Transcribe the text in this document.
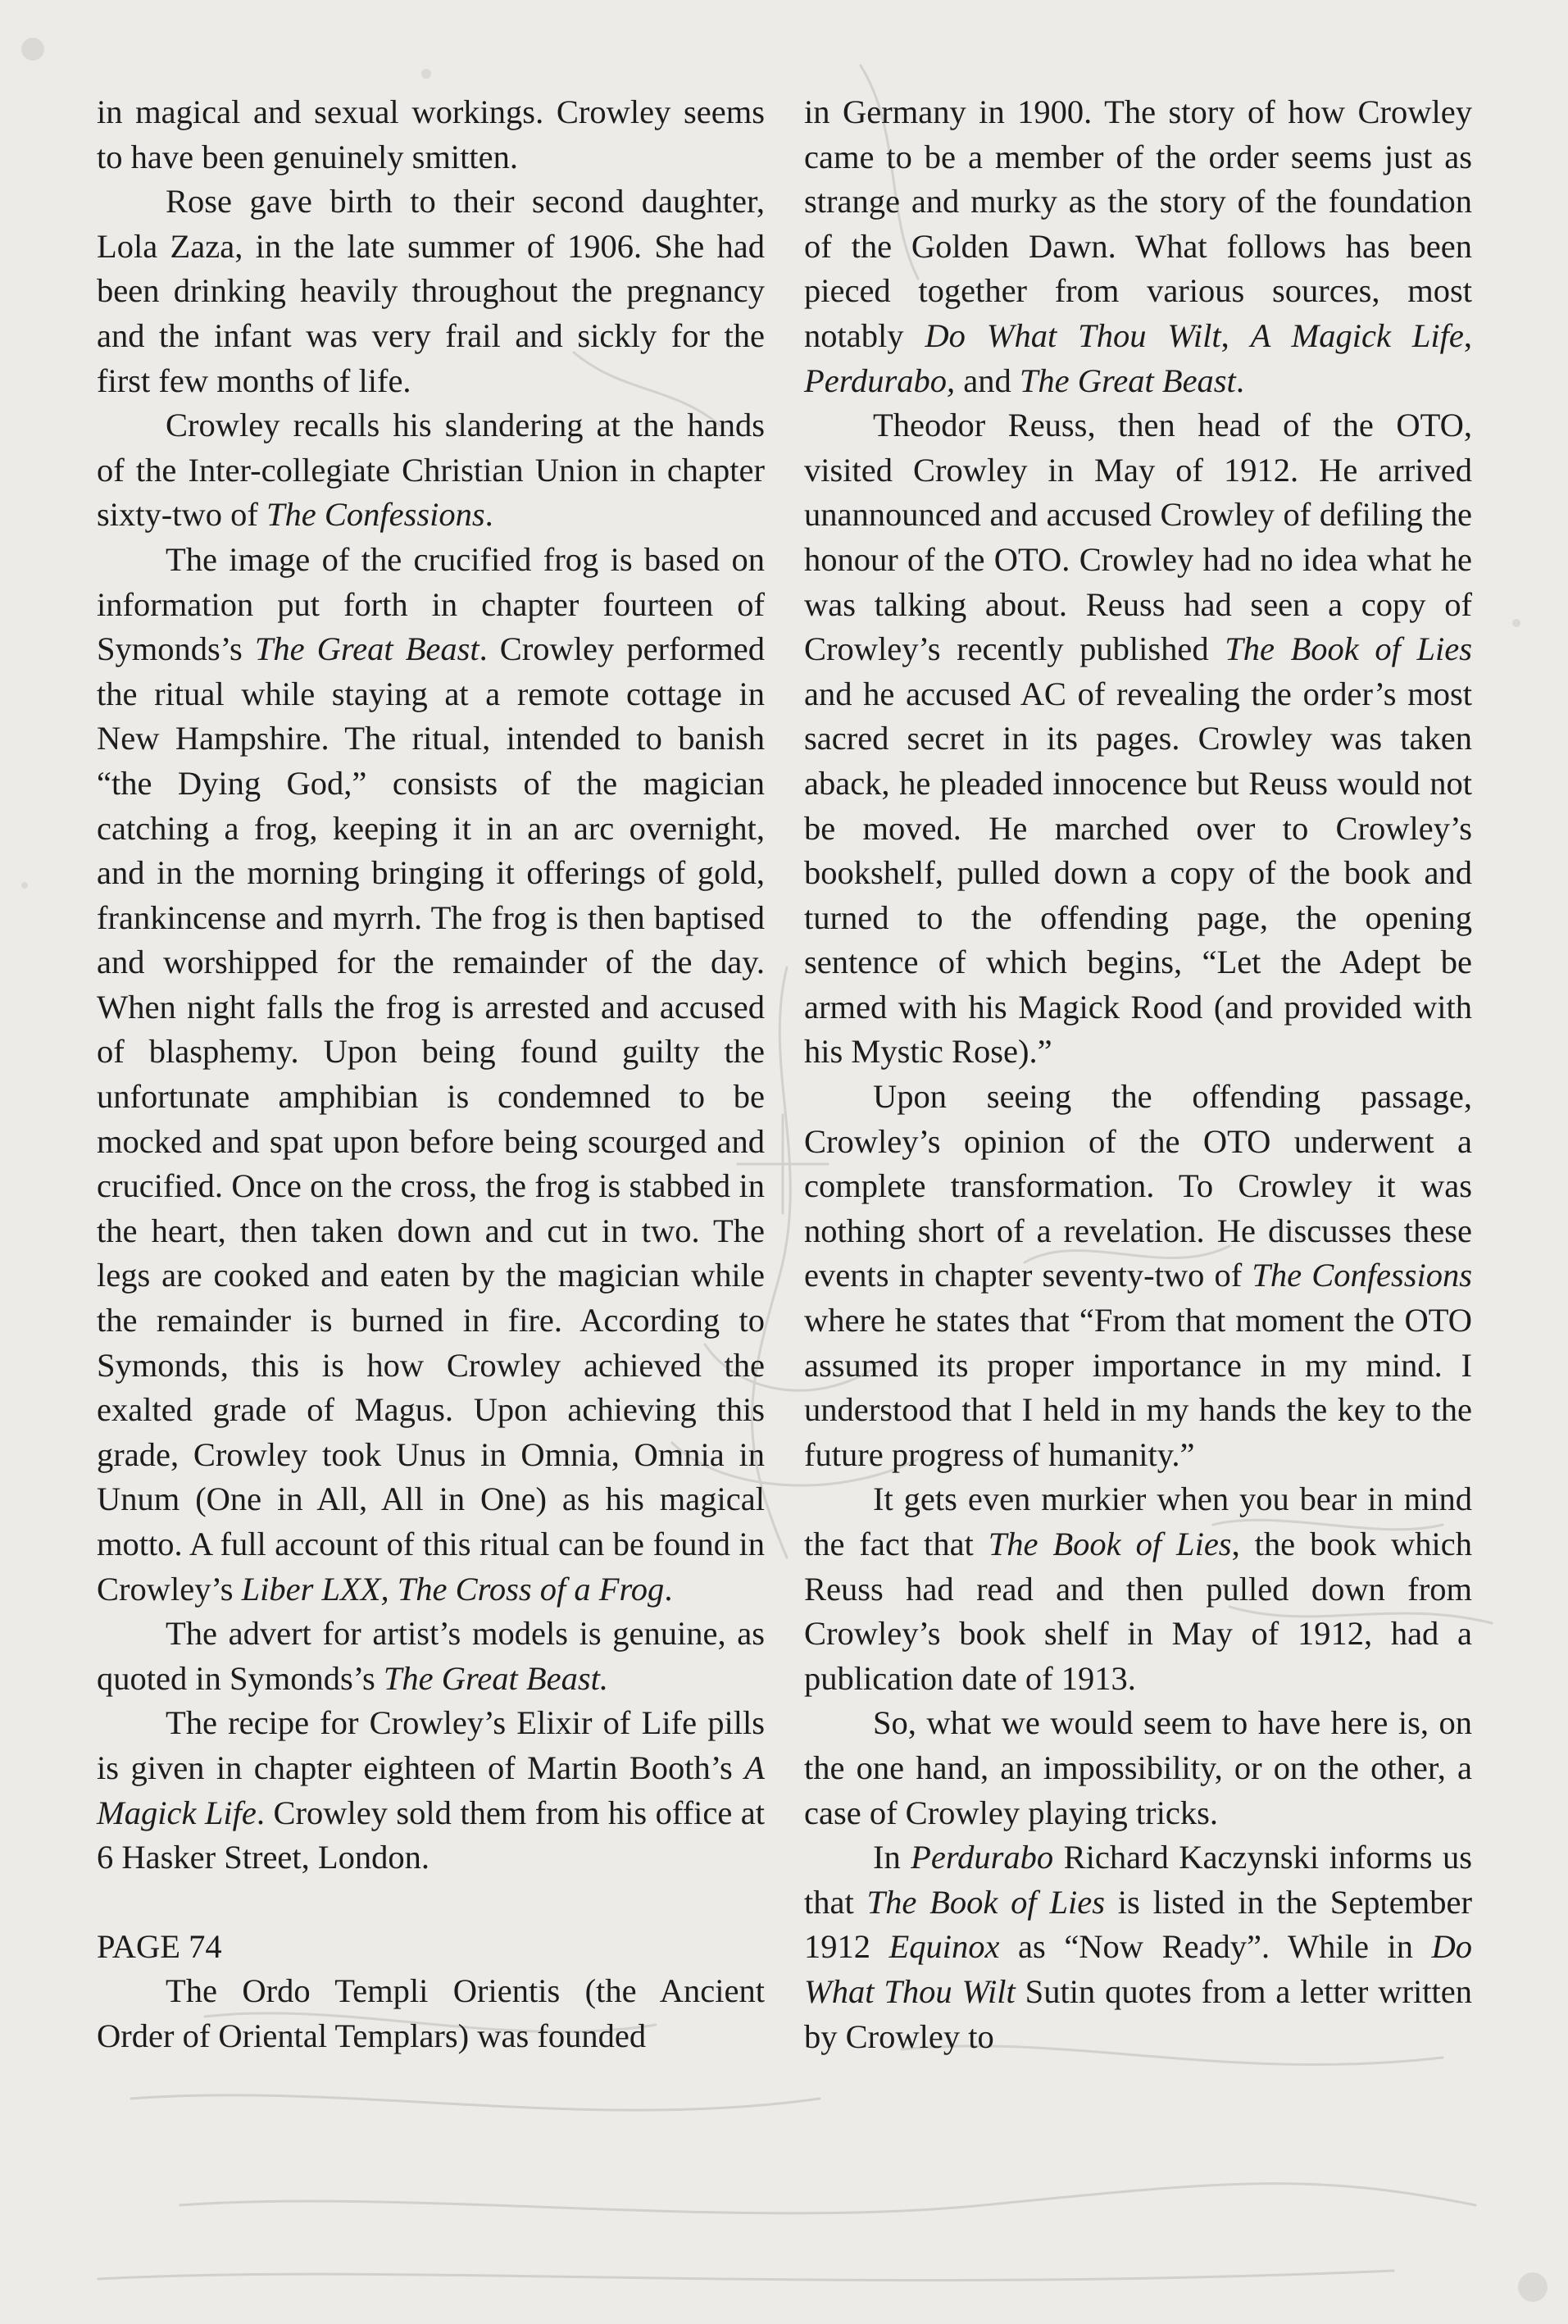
in magical and sexual workings. Crowley seems to have been genuinely smitten.

Rose gave birth to their second daughter, Lola Zaza, in the late summer of 1906. She had been drinking heavily throughout the pregnancy and the infant was very frail and sickly for the first few months of life.

Crowley recalls his slandering at the hands of the Inter-collegiate Christian Union in chapter sixty-two of The Confessions.

The image of the crucified frog is based on information put forth in chapter fourteen of Symonds’s The Great Beast. Crowley performed the ritual while staying at a remote cottage in New Hampshire. The ritual, intended to banish “the Dying God,” consists of the magician catching a frog, keeping it in an arc overnight, and in the morning bringing it offerings of gold, frankincense and myrrh. The frog is then baptised and worshipped for the remainder of the day. When night falls the frog is arrested and accused of blasphemy. Upon being found guilty the unfortunate amphibian is condemned to be mocked and spat upon before being scourged and crucified. Once on the cross, the frog is stabbed in the heart, then taken down and cut in two. The legs are cooked and eaten by the magician while the remainder is burned in fire. According to Symonds, this is how Crowley achieved the exalted grade of Magus. Upon achieving this grade, Crowley took Unus in Omnia, Omnia in Unum (One in All, All in One) as his magical motto. A full account of this ritual can be found in Crowley’s Liber LXX, The Cross of a Frog.

The advert for artist’s models is genuine, as quoted in Symonds’s The Great Beast.

The recipe for Crowley’s Elixir of Life pills is given in chapter eighteen of Martin Booth’s A Magick Life. Crowley sold them from his office at 6 Hasker Street, London.

PAGE 74

The Ordo Templi Orientis (the Ancient Order of Oriental Templars) was founded

in Germany in 1900. The story of how Crowley came to be a member of the order seems just as strange and murky as the story of the foundation of the Golden Dawn. What follows has been pieced together from various sources, most notably Do What Thou Wilt, A Magick Life, Perdurabo, and The Great Beast.

Theodor Reuss, then head of the OTO, visited Crowley in May of 1912. He arrived unannounced and accused Crowley of defiling the honour of the OTO. Crowley had no idea what he was talking about. Reuss had seen a copy of Crowley’s recently published The Book of Lies and he accused AC of revealing the order’s most sacred secret in its pages. Crowley was taken aback, he pleaded innocence but Reuss would not be moved. He marched over to Crowley’s bookshelf, pulled down a copy of the book and turned to the offending page, the opening sentence of which begins, “Let the Adept be armed with his Magick Rood (and provided with his Mystic Rose).”

Upon seeing the offending passage, Crowley’s opinion of the OTO underwent a complete transformation. To Crowley it was nothing short of a revelation. He discusses these events in chapter seventy-two of The Confessions where he states that “From that moment the OTO assumed its proper importance in my mind. I understood that I held in my hands the key to the future progress of humanity.”

It gets even murkier when you bear in mind the fact that The Book of Lies, the book which Reuss had read and then pulled down from Crowley’s book shelf in May of 1912, had a publication date of 1913.

So, what we would seem to have here is, on the one hand, an impossibility, or on the other, a case of Crowley playing tricks.

In Perdurabo Richard Kaczynski informs us that The Book of Lies is listed in the September 1912 Equinox as “Now Ready”. While in Do What Thou Wilt Sutin quotes from a letter written by Crowley to
